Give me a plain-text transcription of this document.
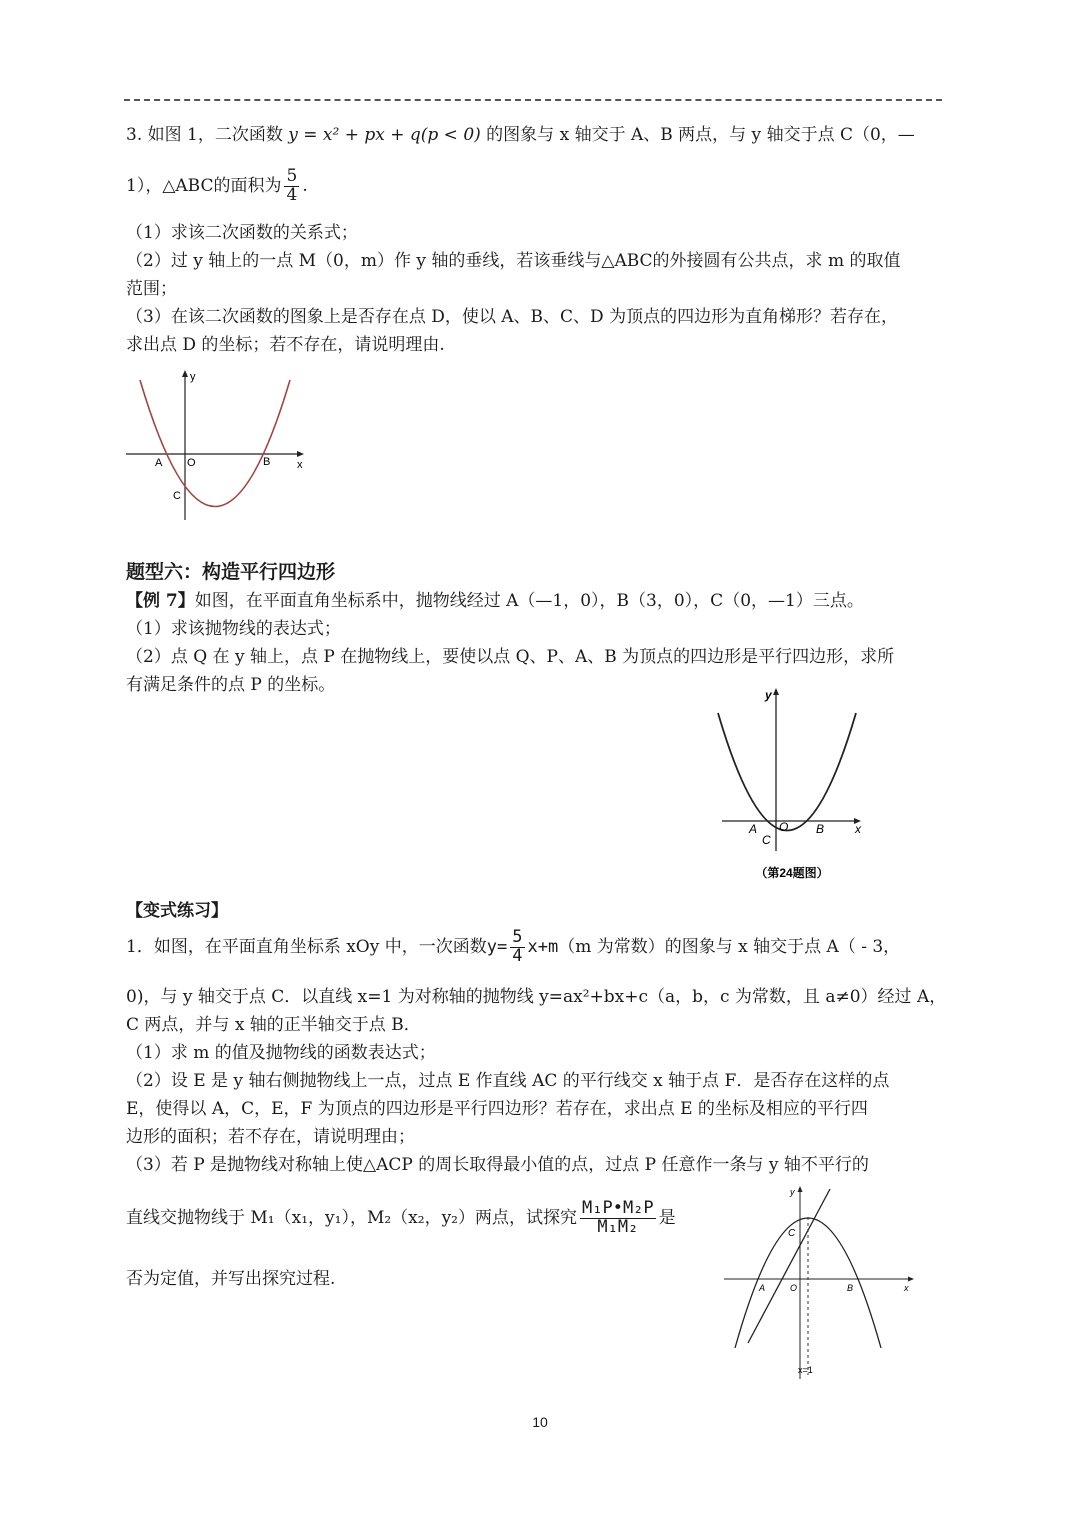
3. 如图 1，二次函数 y = x² + px + q(p < 0) 的图象与 x 轴交于 A、B 两点，与 y 轴交于点 C（0，—
1），△ABC的面积为 $\frac{5}{4}$ .
（1）求该二次函数的关系式；
（2）过 y 轴上的一点 M（0，m）作 y 轴的垂线，若该垂线与△ABC的外接圆有公共点，求 m 的取值
范围；
（3）在该二次函数的图象上是否存在点 D，使以 A、B、C、D 为顶点的四边形为直角梯形？若存在，
求出点 D 的坐标；若不存在，请说明理由.
y
x
A O	B
C
题型六：构造平行四边形
【例 7】如图，在平面直角坐标系中，抛物线经过 A（—1，0），B（3，0），C（0，—1）三点。
（1）求该抛物线的表达式；
（2）点 Q 在 y 轴上，点 P 在抛物线上，要使以点 Q、P、A、B 为顶点的四边形是平行四边形，求所
有满足条件的点 P 的坐标。	y
x
A O B
C
（第24题图）
【变式练习】
1．如图，在平面直角坐标系 xOy 中，一次函数$y= \frac{5}{4} x+m(m$ 为常数）的图象与 x 轴交于点 A（ - 3，
0)，与 y 轴交于点 C．以直线 x=1 为对称轴的抛物线 y=ax²+bx+c（a，b，c 为常数，且 a≠0）经过 A，
C 两点，并与 x 轴的正半轴交于点 B．
（1）求 m 的值及抛物线的函数表达式；
（2）设 E 是 y 轴右侧抛物线上一点，过点 E 作直线 AC 的平行线交 x 轴于点 F．是否存在这样的点
E，使得以 A，C，E，F 为顶点的四边形是平行四边形？若存在，求出点 E 的坐标及相应的平行四
边形的面积；若不存在，请说明理由；
（3）若 P 是抛物线对称轴上使△ACP 的周长取得最小值的点，过点 P 任意作一条与 y 轴不平行的
直线交抛物线于 M₁（x₁，y₁），M₂（x₂，y₂）两点，试探究 $\frac{\text{M₁P•M₂P}}{\text{M₁M₂}}$ 是
否为定值，并写出探究过程.
y
x
A	O	B
C
x=1
10
